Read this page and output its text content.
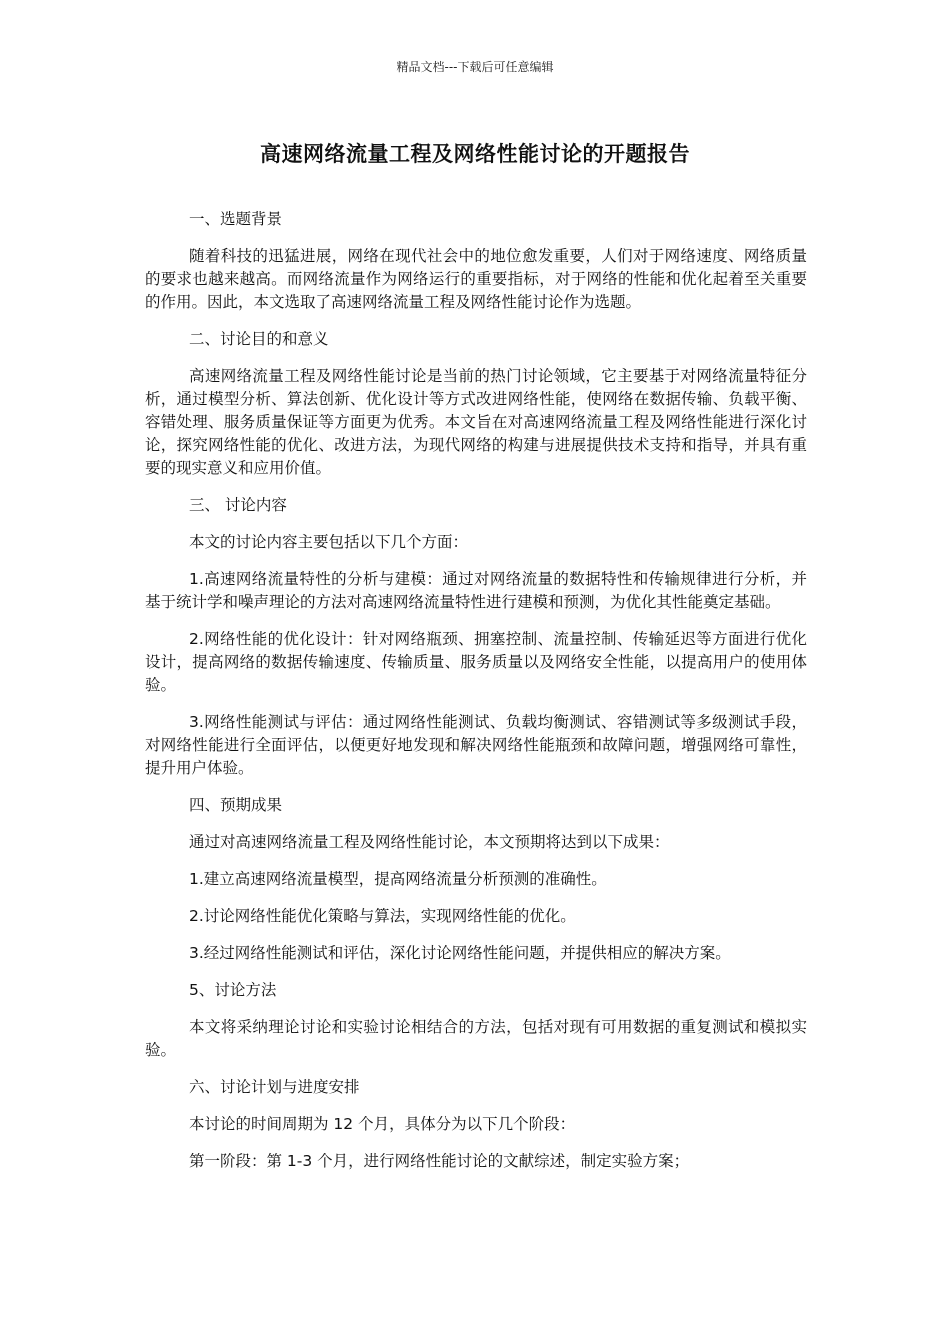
精品文档---下载后可任意编辑
高速网络流量工程及网络性能讨论的开题报告

一、选题背景

随着科技的迅猛进展，网络在现代社会中的地位愈发重要，人们对于网络速度、网络质量的要求也越来越高。而网络流量作为网络运行的重要指标，对于网络的性能和优化起着至关重要的作用。因此，本文选取了高速网络流量工程及网络性能讨论作为选题。

二、讨论目的和意义

高速网络流量工程及网络性能讨论是当前的热门讨论领域，它主要基于对网络流量特征分析，通过模型分析、算法创新、优化设计等方式改进网络性能，使网络在数据传输、负载平衡、容错处理、服务质量保证等方面更为优秀。本文旨在对高速网络流量工程及网络性能进行深化讨论，探究网络性能的优化、改进方法，为现代网络的构建与进展提供技术支持和指导，并具有重要的现实意义和应用价值。

三、 讨论内容

本文的讨论内容主要包括以下几个方面：

1.高速网络流量特性的分析与建模：通过对网络流量的数据特性和传输规律进行分析，并基于统计学和噪声理论的方法对高速网络流量特性进行建模和预测，为优化其性能奠定基础。

2.网络性能的优化设计：针对网络瓶颈、拥塞控制、流量控制、传输延迟等方面进行优化设计，提高网络的数据传输速度、传输质量、服务质量以及网络安全性能，以提高用户的使用体验。

3.网络性能测试与评估：通过网络性能测试、负载均衡测试、容错测试等多级测试手段，对网络性能进行全面评估，以便更好地发现和解决网络性能瓶颈和故障问题，增强网络可靠性，提升用户体验。

四、预期成果

通过对高速网络流量工程及网络性能讨论，本文预期将达到以下成果：

1.建立高速网络流量模型，提高网络流量分析预测的准确性。

2.讨论网络性能优化策略与算法，实现网络性能的优化。

3.经过网络性能测试和评估，深化讨论网络性能问题，并提供相应的解决方案。

5、讨论方法

本文将采纳理论讨论和实验讨论相结合的方法，包括对现有可用数据的重复测试和模拟实验。

六、讨论计划与进度安排

本讨论的时间周期为 12 个月，具体分为以下几个阶段：

第一阶段：第 1-3 个月，进行网络性能讨论的文献综述，制定实验方案；
